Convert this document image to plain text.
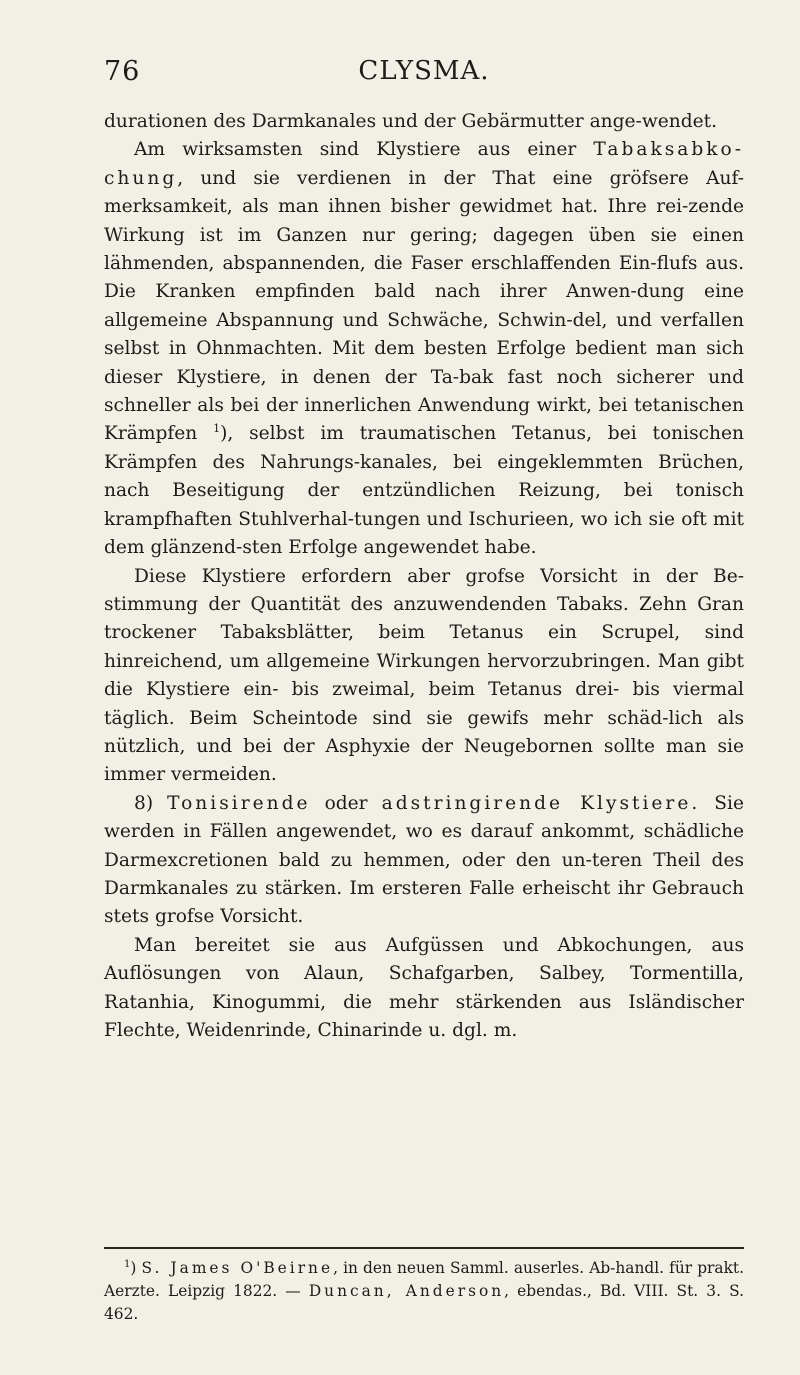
76	CLYSMA.

durationen des Darmkanales und der Gebärmutter ange-wendet.

Am wirksamsten sind Klystiere aus einer Tabaksabko-chung, und sie verdienen in der That eine gröfsere Auf-merksamkeit, als man ihnen bisher gewidmet hat. Ihre rei-zende Wirkung ist im Ganzen nur gering; dagegen üben sie einen lähmenden, abspannenden, die Faser erschlaffenden Ein-flufs aus. Die Kranken empfinden bald nach ihrer Anwen-dung eine allgemeine Abspannung und Schwäche, Schwin-del, und verfallen selbst in Ohnmachten. Mit dem besten Erfolge bedient man sich dieser Klystiere, in denen der Ta-bak fast noch sicherer und schneller als bei der innerlichen Anwendung wirkt, bei tetanischen Krämpfen $^1$), selbst im traumatischen Tetanus, bei tonischen Krämpfen des Nahrungs-kanales, bei eingeklemmten Brüchen, nach Beseitigung der entzündlichen Reizung, bei tonisch krampfhaften Stuhlverhal-tungen und Ischurieen, wo ich sie oft mit dem glänzend-sten Erfolge angewendet habe.

Diese Klystiere erfordern aber grofse Vorsicht in der Be-stimmung der Quantität des anzuwendenden Tabaks. Zehn Gran trockener Tabaksblätter, beim Tetanus ein Scrupel, sind hinreichend, um allgemeine Wirkungen hervorzubringen. Man gibt die Klystiere ein- bis zweimal, beim Tetanus drei- bis viermal täglich. Beim Scheintode sind sie gewifs mehr schäd-lich als nützlich, und bei der Asphyxie der Neugebornen sollte man sie immer vermeiden.

8) Tonisirende oder adstringirende Klystiere. Sie werden in Fällen angewendet, wo es darauf ankommt, schädliche Darmexcretionen bald zu hemmen, oder den un-teren Theil des Darmkanales zu stärken. Im ersteren Falle erheischt ihr Gebrauch stets grofse Vorsicht.

Man bereitet sie aus Aufgüssen und Abkochungen, aus Auflösungen von Alaun, Schafgarben, Salbey, Tormentilla, Ratanhia, Kinogummi, die mehr stärkenden aus Isländischer Flechte, Weidenrinde, Chinarinde u. dgl. m.

$^1$) S. James O'Beirne, in den neuen Samml. auserles. Ab-handl. für prakt. Aerzte. Leipzig 1822. — Duncan, Anderson, ebendas., Bd. VIII. St. 3. S. 462.
